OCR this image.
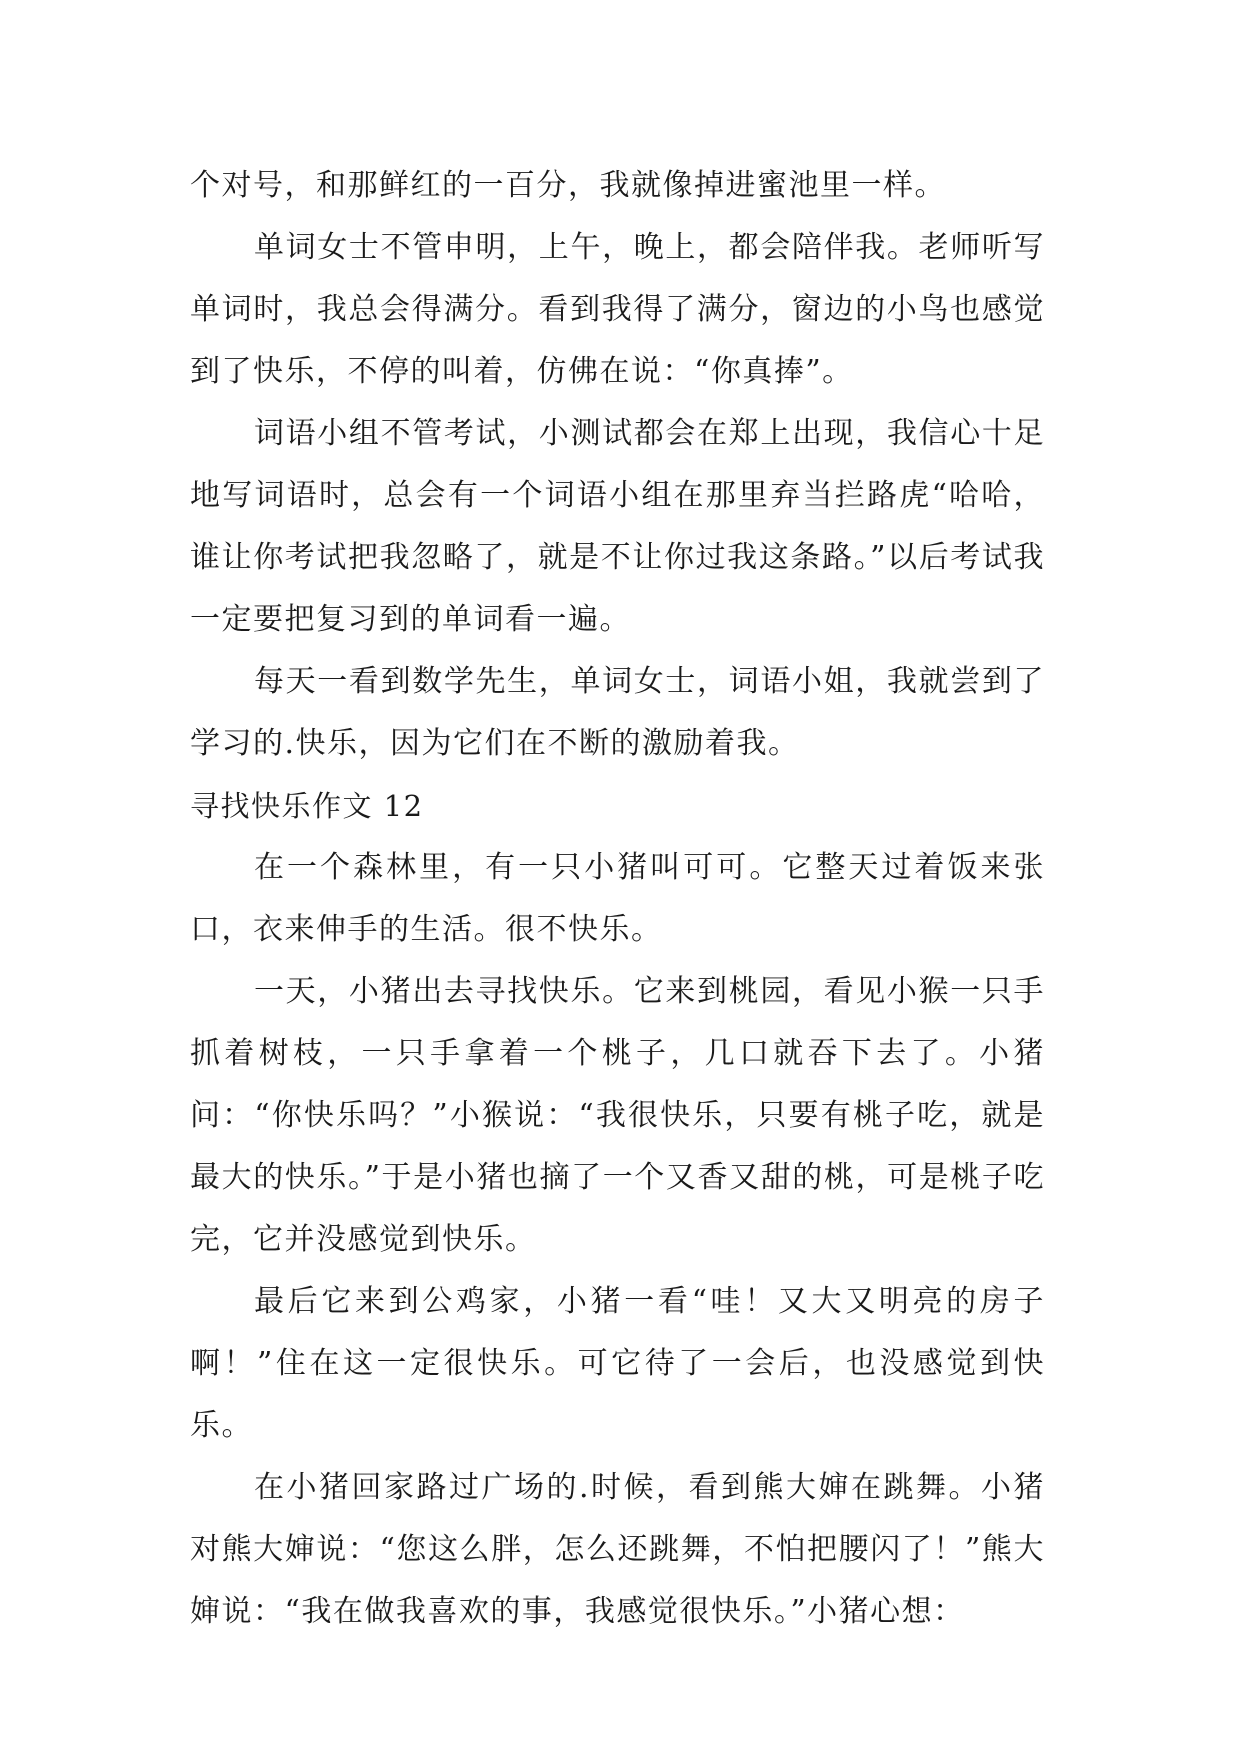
个对号，和那鲜红的一百分，我就像掉进蜜池里一样。

单词女士不管申明，上午，晚上，都会陪伴我。老师听写单词时，我总会得满分。看到我得了满分，窗边的小鸟也感觉到了快乐，不停的叫着，仿佛在说：“你真捧”。

词语小组不管考试，小测试都会在郑上出现，我信心十足地写词语时，总会有一个词语小组在那里弃当拦路虎“哈哈，谁让你考试把我忽略了，就是不让你过我这条路。”以后考试我一定要把复习到的单词看一遍。

每天一看到数学先生，单词女士，词语小姐，我就尝到了学习的.快乐，因为它们在不断的激励着我。

寻找快乐作文 12

在一个森林里，有一只小猪叫可可。它整天过着饭来张口，衣来伸手的生活。很不快乐。

一天，小猪出去寻找快乐。它来到桃园，看见小猴一只手抓着树枝，一只手拿着一个桃子，几口就吞下去了。小猪问：“你快乐吗？”小猴说：“我很快乐，只要有桃子吃，就是最大的快乐。”于是小猪也摘了一个又香又甜的桃，可是桃子吃完，它并没感觉到快乐。

最后它来到公鸡家，小猪一看“哇！又大又明亮的房子啊！”住在这一定很快乐。可它待了一会后，也没感觉到快乐。

在小猪回家路过广场的.时候，看到熊大婶在跳舞。小猪对熊大婶说：“您这么胖，怎么还跳舞，不怕把腰闪了！”熊大婶说：“我在做我喜欢的事，我感觉很快乐。”小猪心想：
